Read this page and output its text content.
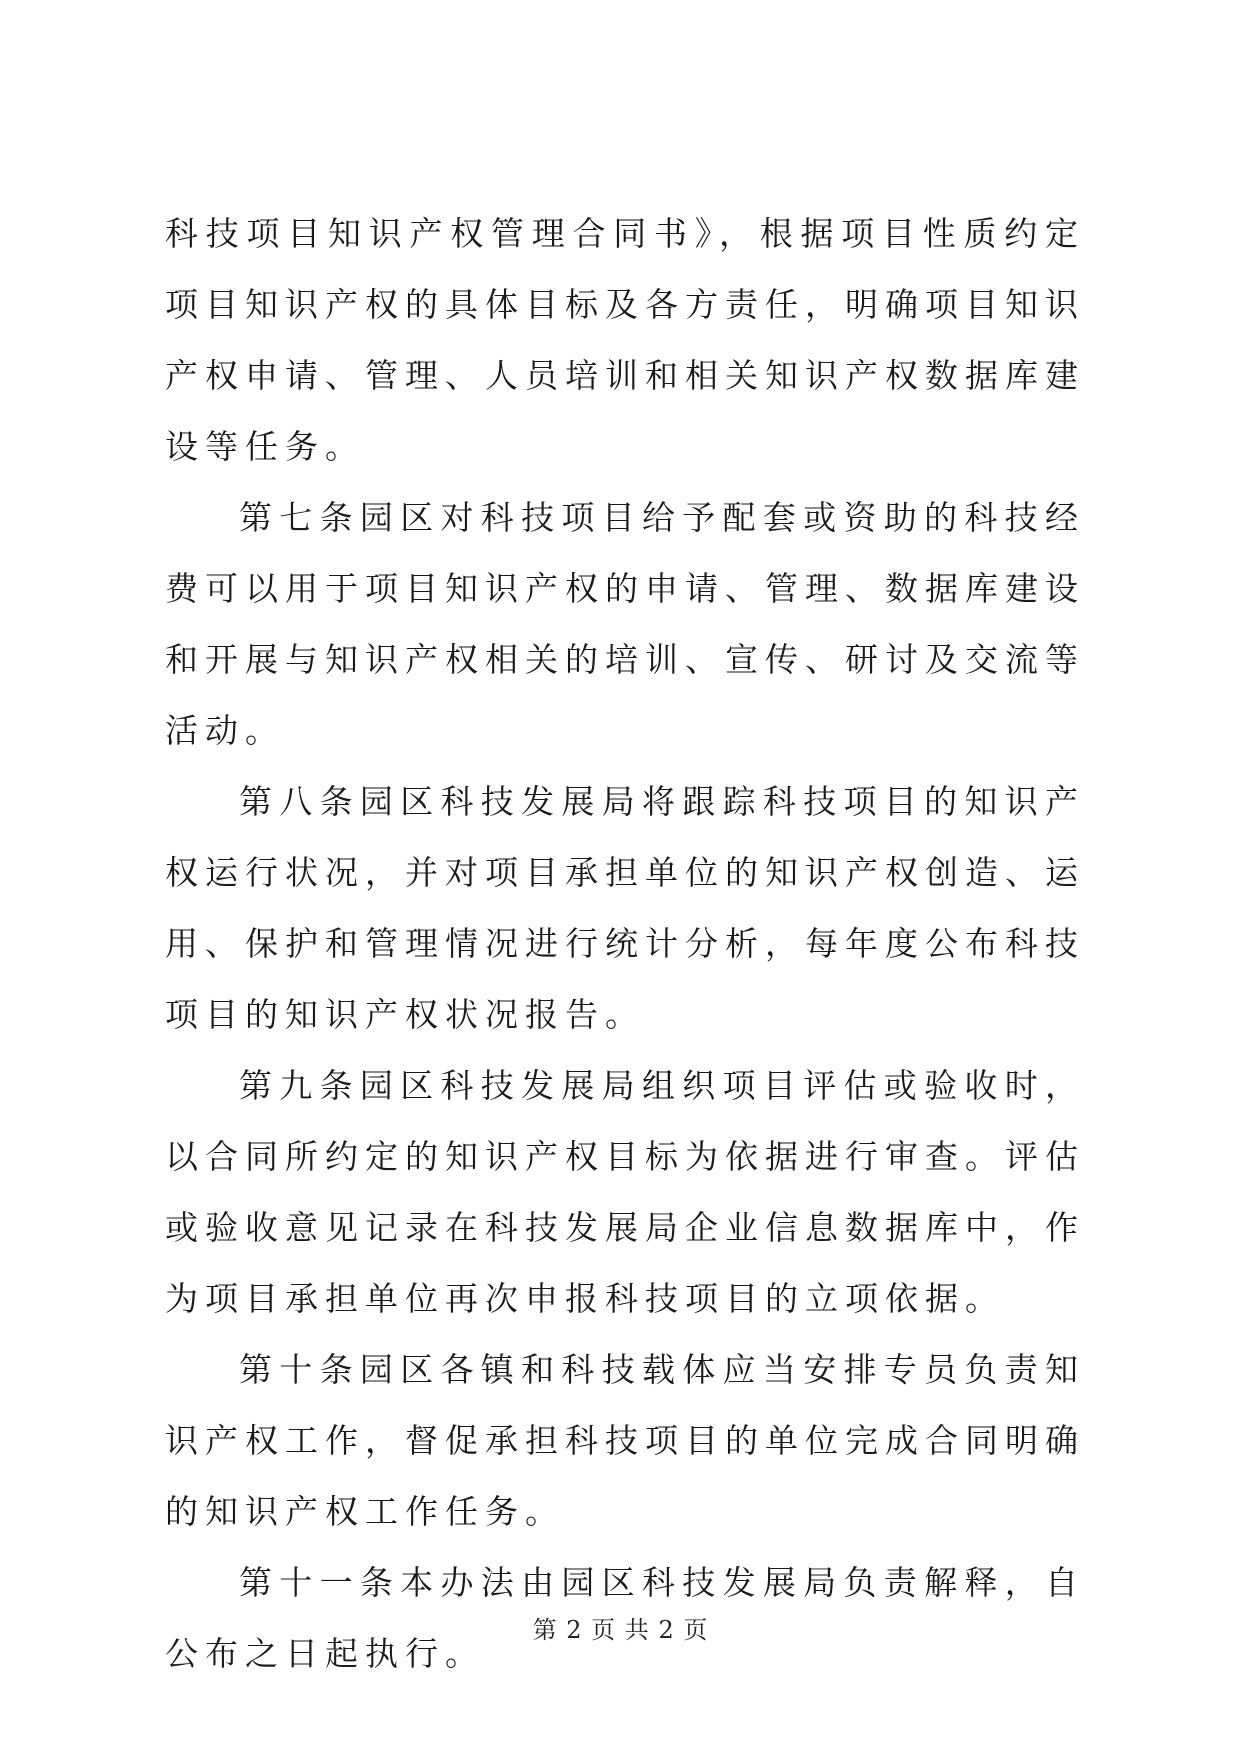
科技项目知识产权管理合同书》，根据项目性质约定项目知识产权的具体目标及各方责任，明确项目知识产权申请、管理、人员培训和相关知识产权数据库建设等任务。

第七条园区对科技项目给予配套或资助的科技经费可以用于项目知识产权的申请、管理、数据库建设和开展与知识产权相关的培训、宣传、研讨及交流等活动。

第八条园区科技发展局将跟踪科技项目的知识产权运行状况，并对项目承担单位的知识产权创造、运用、保护和管理情况进行统计分析，每年度公布科技项目的知识产权状况报告。

第九条园区科技发展局组织项目评估或验收时，以合同所约定的知识产权目标为依据进行审查。评估或验收意见记录在科技发展局企业信息数据库中，作为项目承担单位再次申报科技项目的立项依据。

第十条园区各镇和科技载体应当安排专员负责知识产权工作，督促承担科技项目的单位完成合同明确的知识产权工作任务。

第十一条本办法由园区科技发展局负责解释，自公布之日起执行。

第 2 页 共 2 页
